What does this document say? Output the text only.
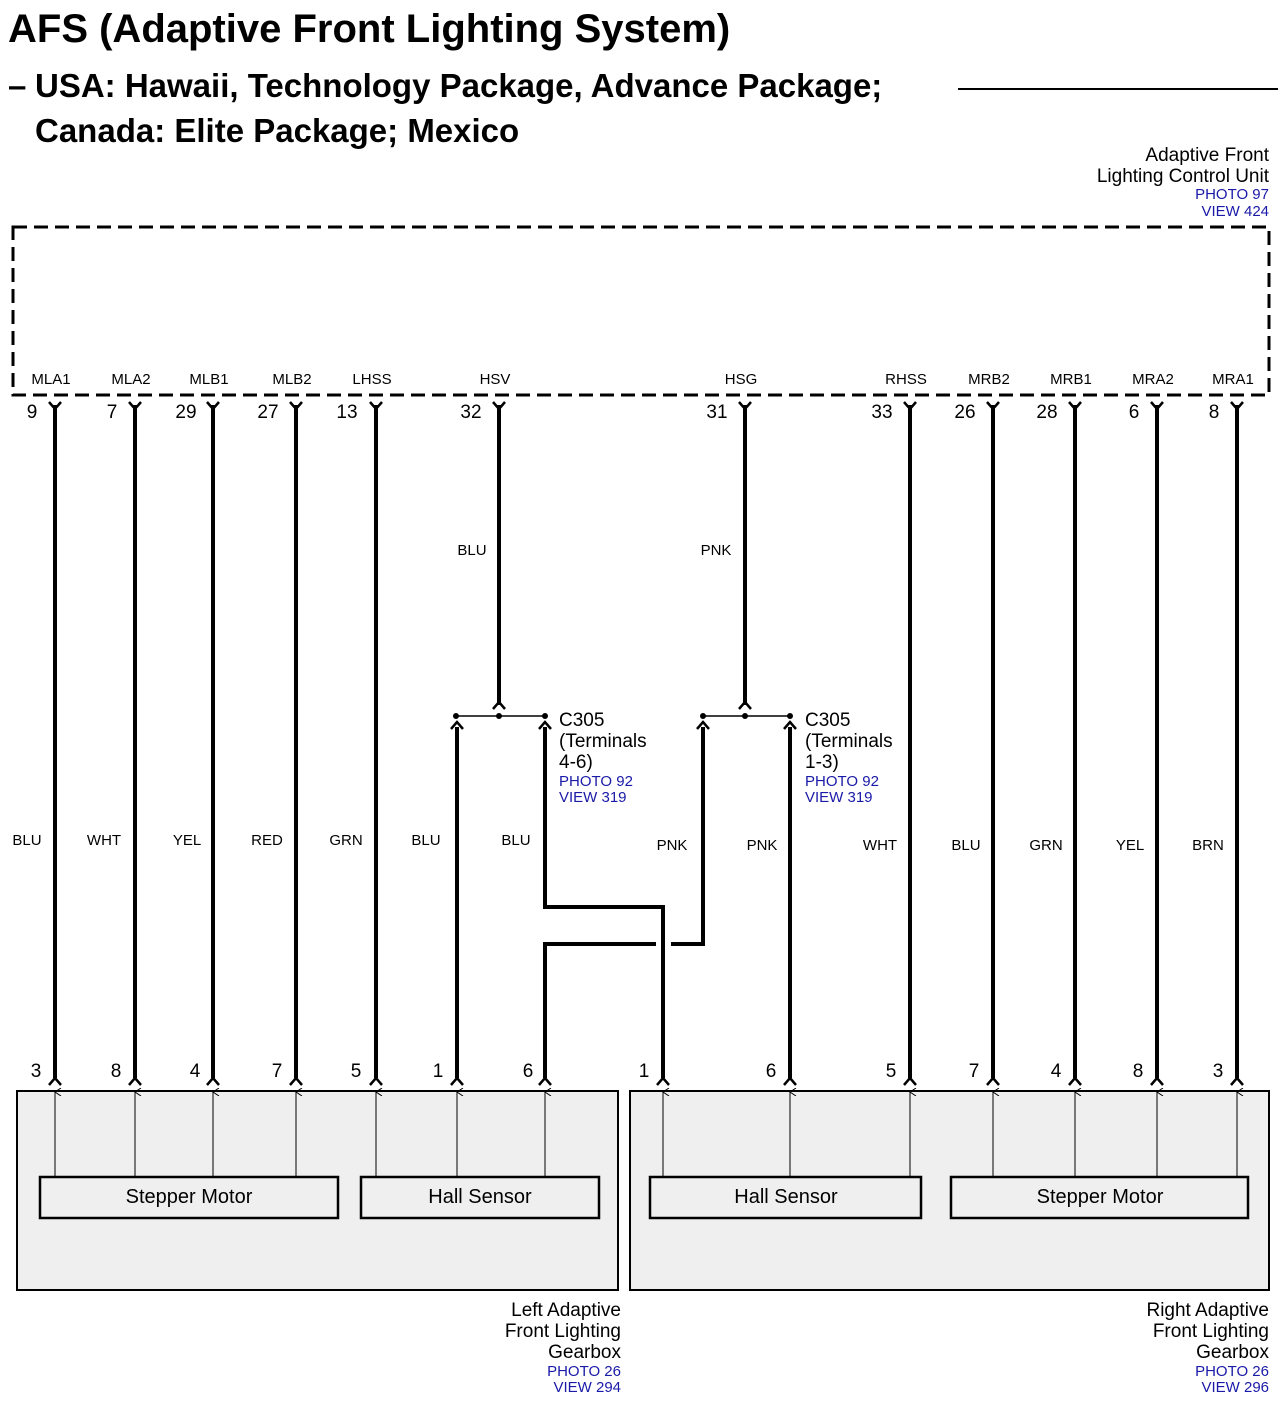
AFS (Adaptive Front Lighting System)
– USA: Hawaii, Technology Package, Advance Package;
Canada: Elite Package; Mexico
Adaptive Front
Lighting Control Unit
PHOTO 97
VIEW 424
MLA1
9
MLA2
7
MLB1
29
MLB2
27
LHSS
13
HSV
32
HSG
31
RHSS
33
MRB2
26
MRB1
28
MRA2
6
MRA1
8
BLU	PNK
C305
(Terminals
4-6)
PHOTO 92
VIEW 319
C305
(Terminals
1-3)
PHOTO 92
VIEW 319
BLU	WHT	YEL	RED	GRN	BLU	BLU	PNK	PNK	WHT	BLU	GRN	YEL	BRN
3	8	4	7	5	1	6	1	6	5	7	4	8	3
Stepper Motor	Hall Sensor	Hall Sensor	Stepper Motor
Left Adaptive
Front Lighting
Gearbox
PHOTO 26
VIEW 294
Right Adaptive
Front Lighting
Gearbox
PHOTO 26
VIEW 296
